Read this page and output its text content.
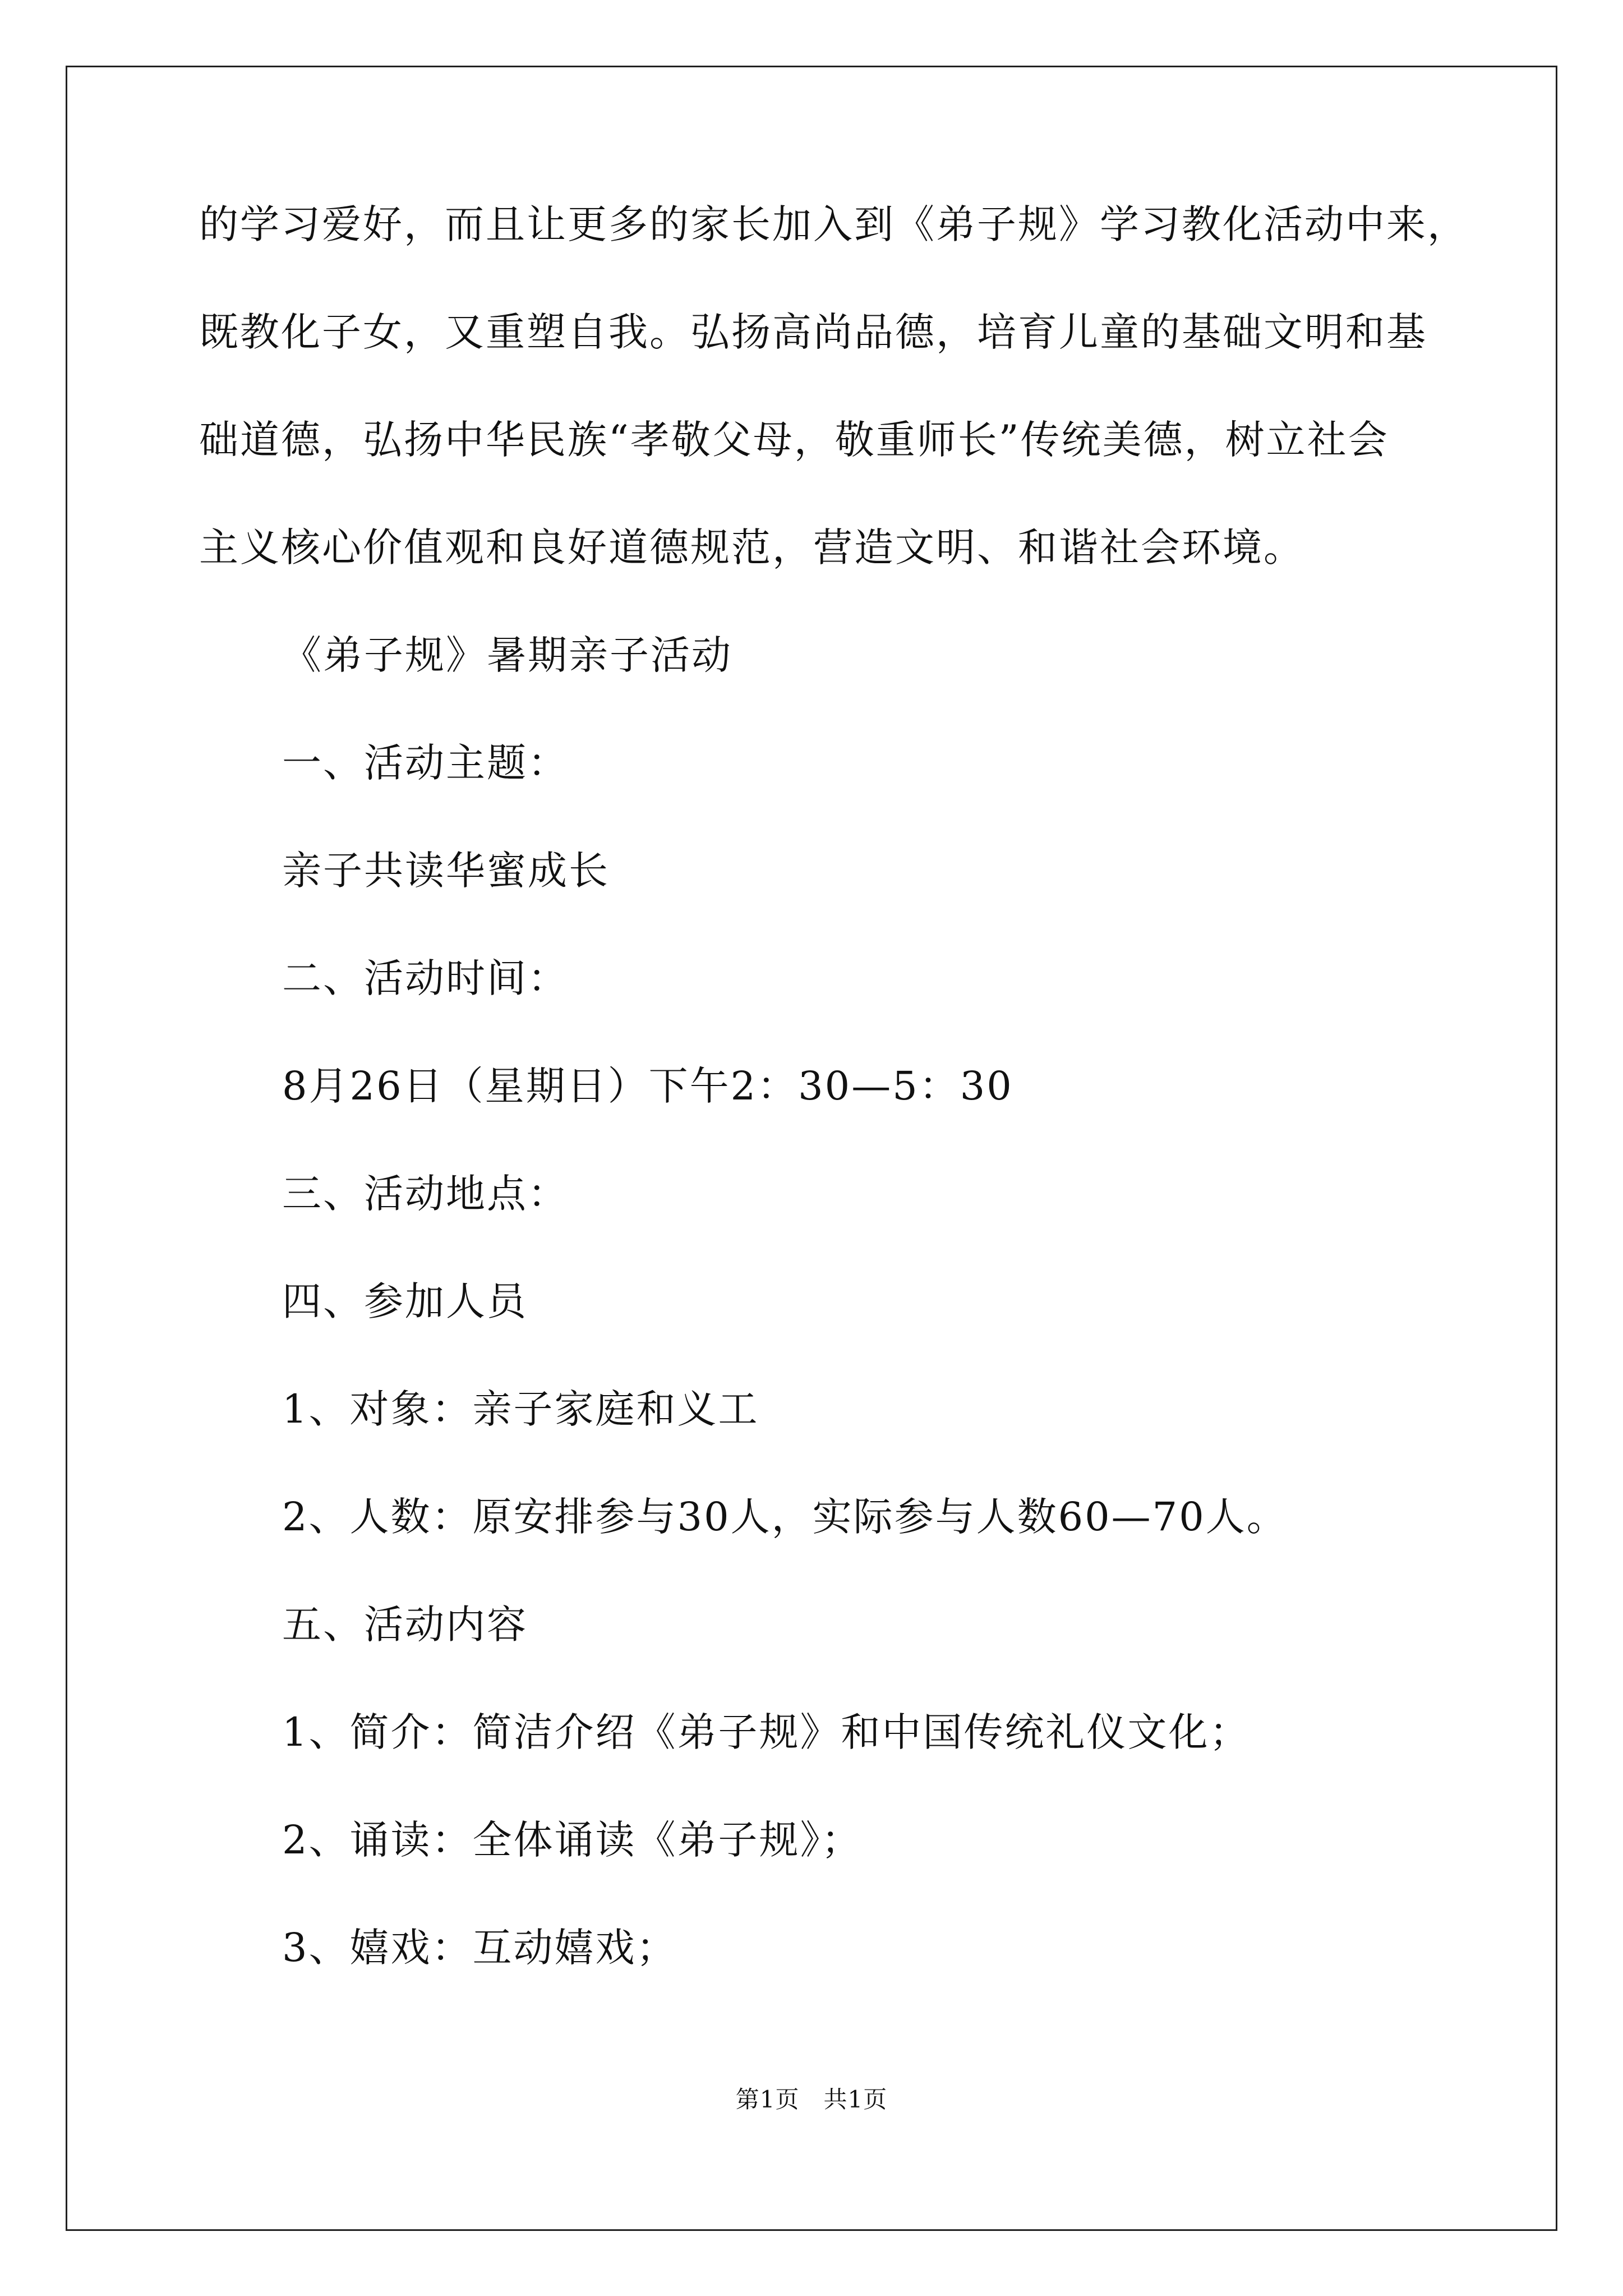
的学习爱好，而且让更多的家长加入到《弟子规》学习教化活动中来，

既教化子女，又重塑自我。弘扬高尚品德，培育儿童的基础文明和基

础道德，弘扬中华民族“孝敬父母，敬重师长”传统美德，树立社会

主义核心价值观和良好道德规范，营造文明、和谐社会环境。

《弟子规》暑期亲子活动

一、活动主题：

亲子共读华蜜成长

二、活动时间：

8月26日（星期日）下午2：30—5：30

三、活动地点：

四、参加人员

1、对象：亲子家庭和义工

2、人数：原安排参与30人，实际参与人数60—70人。

五、活动内容

1、简介：简洁介绍《弟子规》和中国传统礼仪文化；

2、诵读：全体诵读《弟子规》；

3、嬉戏：互动嬉戏；

第1页　共1页
